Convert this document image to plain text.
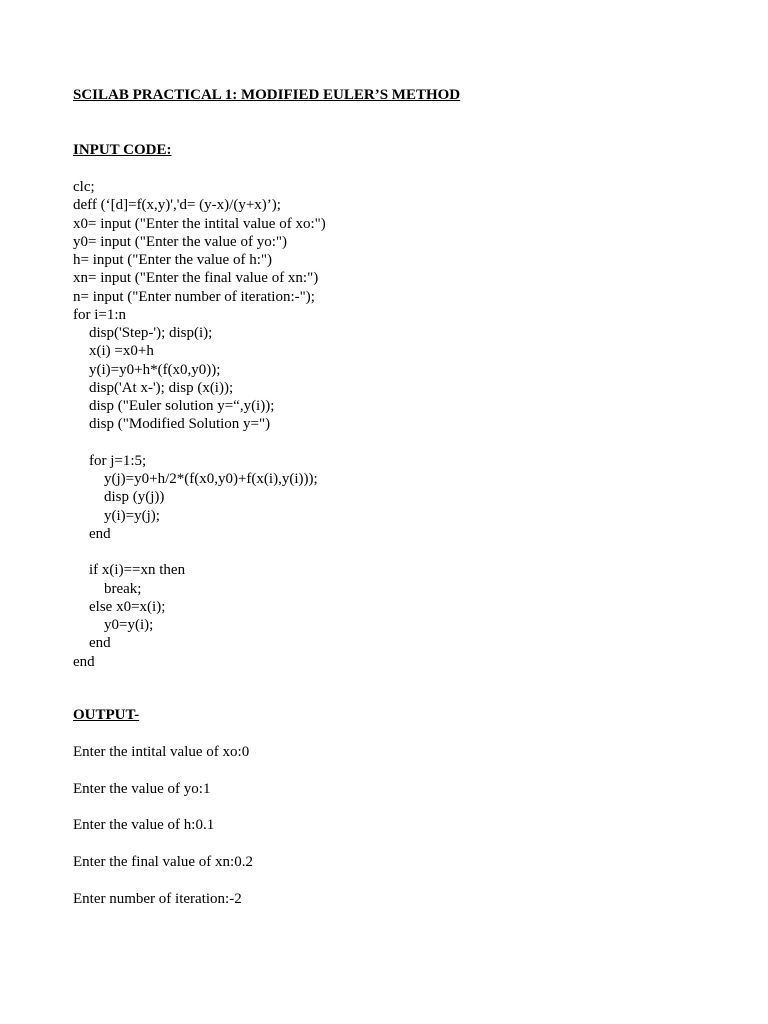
SCILAB PRACTICAL 1: MODIFIED EULER’S METHOD
INPUT CODE:
clc;
deff (‘[d]=f(x,y)','d= (y-x)/(y+x)’);
x0= input ("Enter the intital value of xo:")
y0= input ("Enter the value of yo:")
h= input ("Enter the value of h:")
xn= input ("Enter the final value of xn:")
n= input ("Enter number of iteration:-");
for i=1:n
disp('Step-'); disp(i);
x(i) =x0+h
y(i)=y0+h*(f(x0,y0));
disp('At x-'); disp (x(i));
disp ("Euler solution y=“,y(i));
disp ("Modified Solution y=")
for j=1:5;
y(j)=y0+h/2*(f(x0,y0)+f(x(i),y(i)));
disp (y(j))
y(i)=y(j);
end
if x(i)==xn then
break;
else x0=x(i);
y0=y(i);
end
end
OUTPUT-
Enter the intital value of xo:0
Enter the value of yo:1
Enter the value of h:0.1
Enter the final value of xn:0.2
Enter number of iteration:-2
